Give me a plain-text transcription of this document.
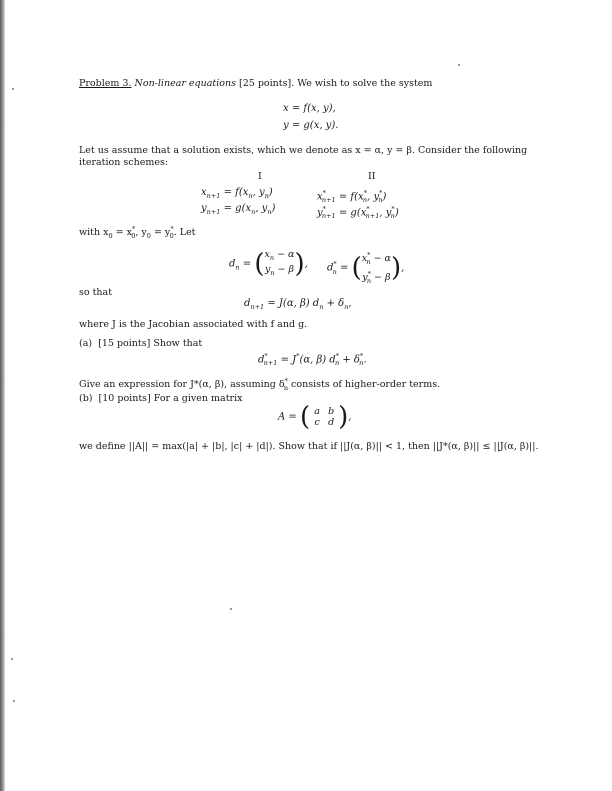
Problem 3. Non-linear equations [25 points]. We wish to solve the system
x = f(x, y),
y = g(x, y).
Let us assume that a solution exists, which we denote as x = α, y = β. Consider the following
iteration schemes:
I	II
$x_{n+1} = f(x_n$, $y_n$)
$y_{n+1} = g(x_n$, $y_n$)
$x^*_{n+1} = f(x^*_n$, $y^*_n$)
$y^*_{n+1} = g(x^*_{n+1}$, $y^*_n$)
with $x_0 = x^*_0$, $y_0 = y^*_0$. Let
$d_n = (x_n - \alpha$
$y_n - \beta$), $d^*_n = (x^*_n - \alpha$
$y^*_n - \beta$),
so that
$d_{n+1} = J(\alpha$, β) $d_n + \delta_n$,
where J is the Jacobian associated with f and g.
(a) [15 points] Show that
$d^*_{n+1} = J^*(\alpha$, β) $d^*_n + \delta^*_n$.
Give an expression for J*(α, β), assuming $\delta^*_n$ consists of higher-order terms.
(b) [10 points] For a given matrix
A = ( a b
c d ),
we define ||A|| = max(|a| + |b|, |c| + |d|). Show that if ||J(α, β)|| < 1, then ||J*(α, β)|| ≤ ||J(α, β)||.
